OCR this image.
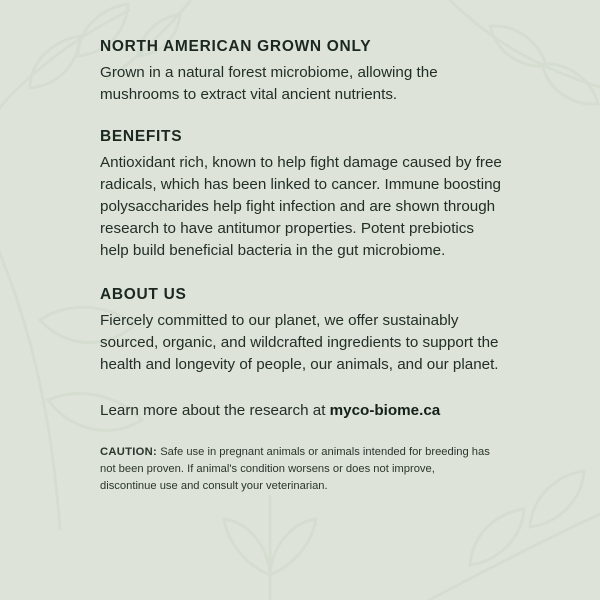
NORTH AMERICAN GROWN ONLY

Grown in a natural forest microbiome, allowing the mushrooms to extract vital ancient nutrients.

BENEFITS

Antioxidant rich, known to help fight damage caused by free radicals, which has been linked to cancer. Immune boosting polysaccharides help fight infection and are shown through research to have antitumor properties. Potent prebiotics help build beneficial bacteria in the gut microbiome.

ABOUT US

Fiercely committed to our planet, we offer sustainably sourced, organic, and wildcrafted ingredients to support the health and longevity of people, our animals, and our planet.

Learn more about the research at myco-biome.ca
CAUTION: Safe use in pregnant animals or animals intended for breeding has not been proven. If animal's condition worsens or does not improve, discontinue use and consult your veterinarian.
